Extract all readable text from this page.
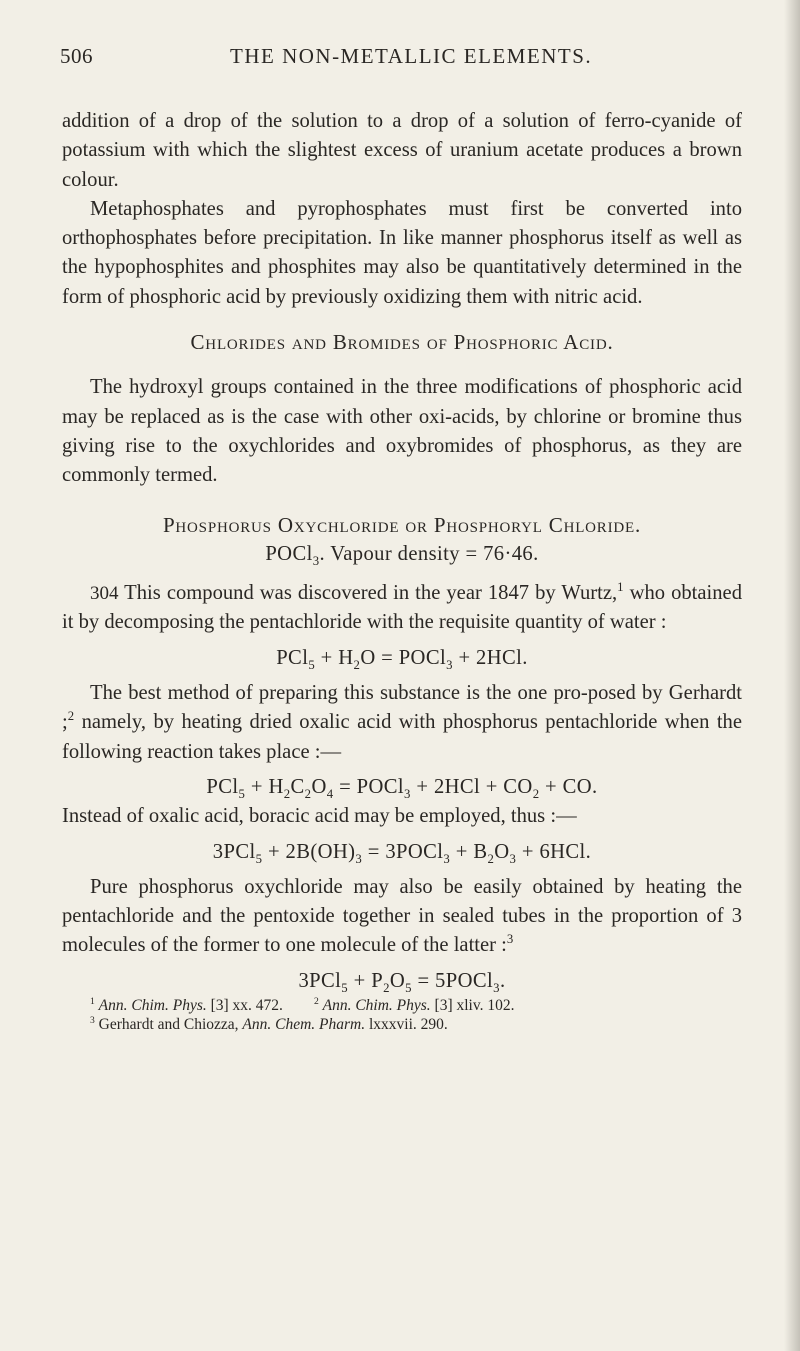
506	THE NON-METALLIC ELEMENTS.

addition of a drop of the solution to a drop of a solution of ferro-cyanide of potassium with which the slightest excess of uranium acetate produces a brown colour.

Metaphosphates and pyrophosphates must first be converted into orthophosphates before precipitation. In like manner phosphorus itself as well as the hypophosphites and phosphites may also be quantitatively determined in the form of phosphoric acid by previously oxidizing them with nitric acid.

Chlorides and Bromides of Phosphoric Acid.

The hydroxyl groups contained in the three modifications of phosphoric acid may be replaced as is the case with other oxi-acids, by chlorine or bromine thus giving rise to the oxychlorides and oxybromides of phosphorus, as they are commonly termed.

Phosphorus Oxychloride or Phosphoryl Chloride.

POCl$_3$. Vapour density = 76·46.

304 This compound was discovered in the year 1847 by Wurtz,$^1$ who obtained it by decomposing the pentachloride with the requisite quantity of water :

$PCl_5 + H_2O$ = POCl$_3$ + 2HCl.

The best method of preparing this substance is the one pro-posed by Gerhardt ;$^2$ namely, by heating dried oxalic acid with phosphorus pentachloride when the following reaction takes place :—

$PCl_5 + H_2C_2O_4$ = POCl$_3$ + $2HCl + CO_2$ + CO.

Instead of oxalic acid, boracic acid may be employed, thus :—

$3PCl_5 + 2B(OH)_3$ = 3POCl$_3$ + $B_2O_3 + 6HCl$.

Pure phosphorus oxychloride may also be easily obtained by heating the pentachloride and the pentoxide together in sealed tubes in the proportion of 3 molecules of the former to one molecule of the latter :$^3$

$3PCl_5 + P_2O_5$ = 5POCl$_3$.

$^1$ Ann. Chim. Phys. [3] xx. 472.	$^2$ Ann. Chim. Phys. [3] xliv. 102.

$^3$ Gerhardt and Chiozza, Ann. Chem. Pharm. lxxxvii. 290.
